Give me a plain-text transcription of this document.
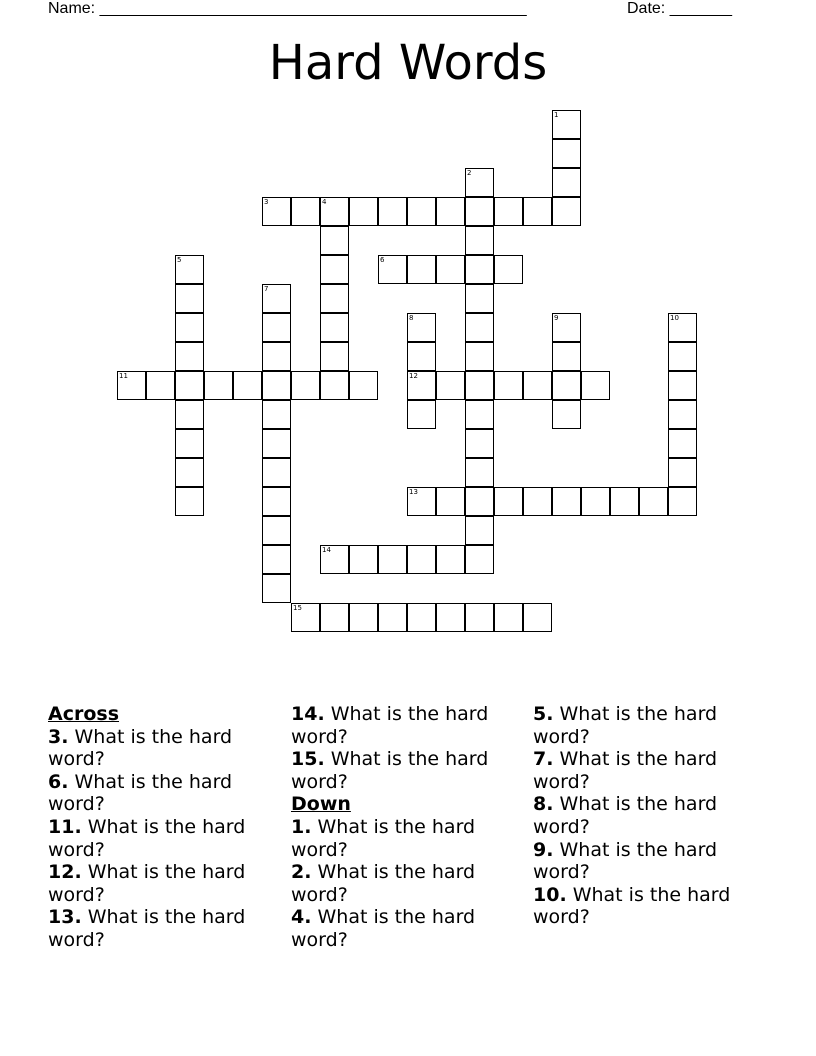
Name: ________________________________________________	Date: _______
Hard Words
1
2
3	4
5	6
7
8	9	10
11	12
13
14
15
Across
3. What is the hard word?
6. What is the hard word?
11. What is the hard word?
12. What is the hard word?
13. What is the hard word?
14. What is the hard word?
15. What is the hard word?
Down
1. What is the hard word?
2. What is the hard word?
4. What is the hard word?
5. What is the hard word?
7. What is the hard word?
8. What is the hard word?
9. What is the hard word?
10. What is the hard word?
